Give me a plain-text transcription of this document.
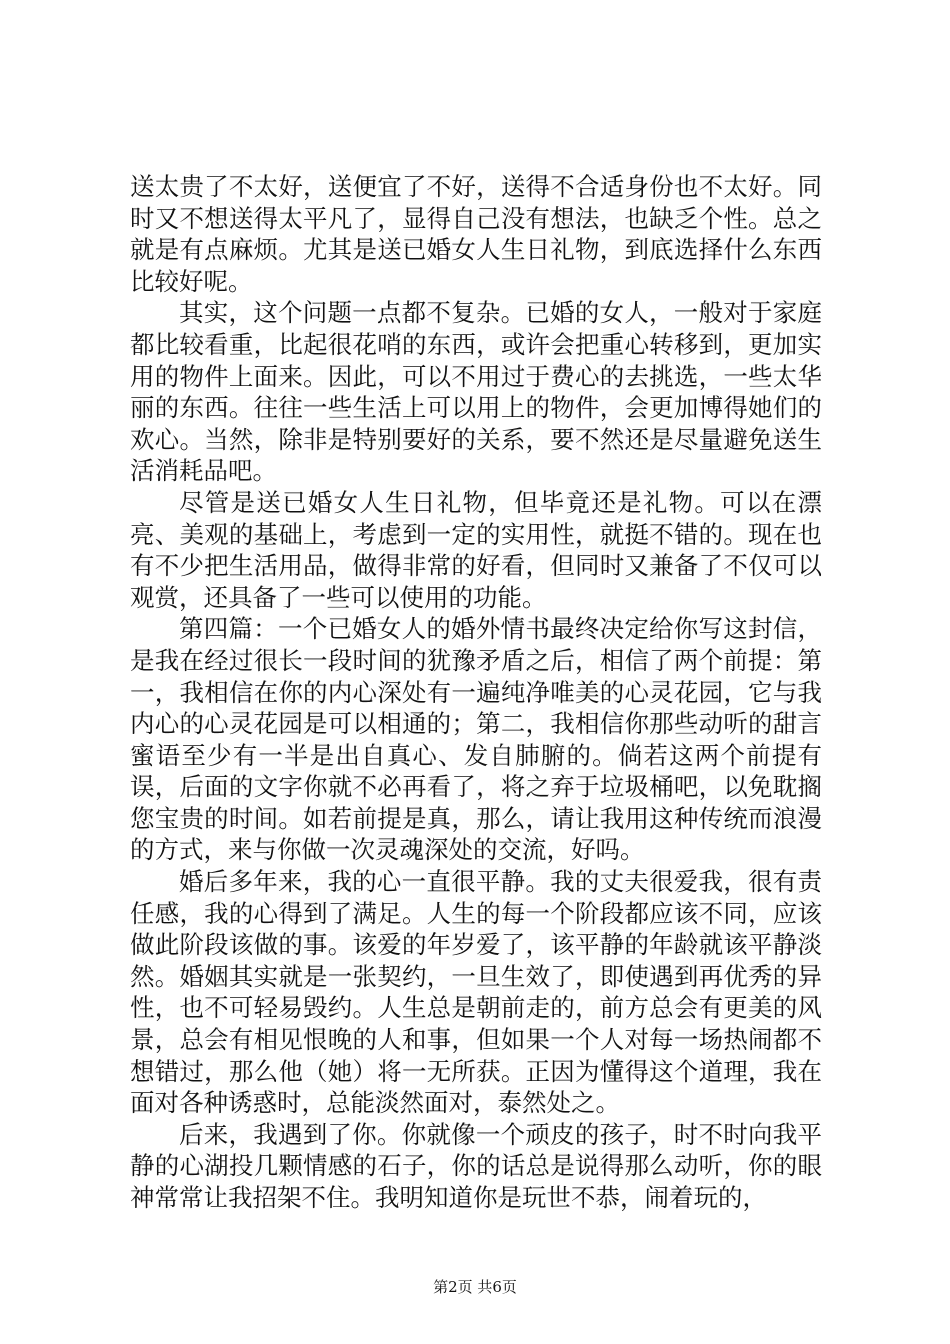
送太贵了不太好，送便宜了不好，送得不合适身份也不太好。同时又不想送得太平凡了，显得自己没有想法，也缺乏个性。总之就是有点麻烦。尤其是送已婚女人生日礼物，到底选择什么东西比较好呢。

其实，这个问题一点都不复杂。已婚的女人，一般对于家庭都比较看重，比起很花哨的东西，或许会把重心转移到，更加实用的物件上面来。因此，可以不用过于费心的去挑选，一些太华丽的东西。往往一些生活上可以用上的物件，会更加博得她们的欢心。当然，除非是特别要好的关系，要不然还是尽量避免送生活消耗品吧。

尽管是送已婚女人生日礼物，但毕竟还是礼物。可以在漂亮、美观的基础上，考虑到一定的实用性，就挺不错的。现在也有不少把生活用品，做得非常的好看，但同时又兼备了不仅可以观赏，还具备了一些可以使用的功能。

第四篇：一个已婚女人的婚外情书最终决定给你写这封信，是我在经过很长一段时间的犹豫矛盾之后，相信了两个前提：第一，我相信在你的内心深处有一遍纯净唯美的心灵花园，它与我内心的心灵花园是可以相通的；第二，我相信你那些动听的甜言蜜语至少有一半是出自真心、发自肺腑的。倘若这两个前提有误，后面的文字你就不必再看了，将之弃于垃圾桶吧，以免耽搁您宝贵的时间。如若前提是真，那么，请让我用这种传统而浪漫的方式，来与你做一次灵魂深处的交流，好吗。

婚后多年来，我的心一直很平静。我的丈夫很爱我，很有责任感，我的心得到了满足。人生的每一个阶段都应该不同，应该做此阶段该做的事。该爱的年岁爱了，该平静的年龄就该平静淡然。婚姻其实就是一张契约，一旦生效了，即使遇到再优秀的异性，也不可轻易毁约。人生总是朝前走的，前方总会有更美的风景，总会有相见恨晚的人和事，但如果一个人对每一场热闹都不想错过，那么他（她）将一无所获。正因为懂得这个道理，我在面对各种诱惑时，总能淡然面对，泰然处之。

后来，我遇到了你。你就像一个顽皮的孩子，时不时向我平静的心湖投几颗情感的石子，你的话总是说得那么动听，你的眼神常常让我招架不住。我明知道你是玩世不恭，闹着玩的，

第2页 共6页
